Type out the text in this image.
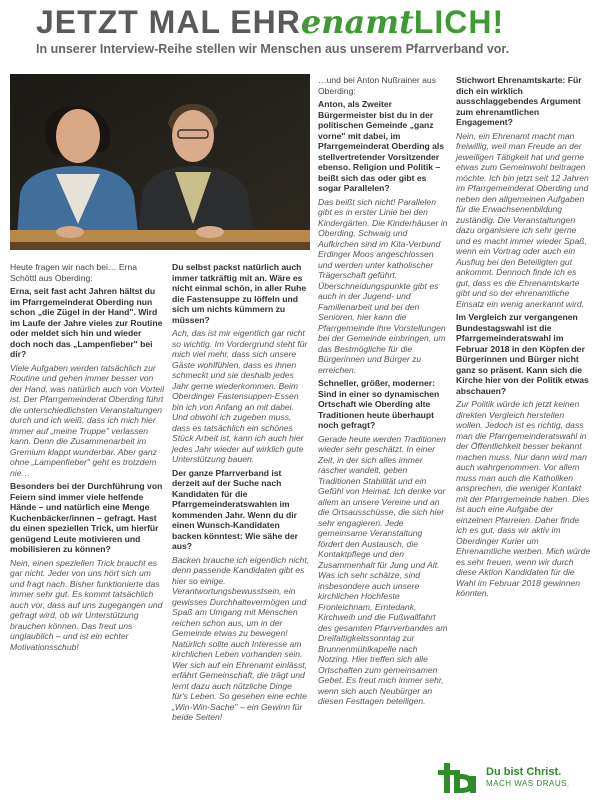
JETZT MAL EHRenamtLICH!
In unserer Interview-Reihe stellen wir Menschen aus unserem Pfarrverband vor.

Heute fragen wir nach bei… Erna Schöttl aus Oberding:

Erna, seit fast acht Jahren hältst du im Pfarrgemeinderat Oberding nun schon „die Zügel in der Hand". Wird im Laufe der Jahre vieles zur Routine oder meldet sich hin und wieder doch noch das „Lampenfieber" bei dir?

Viele Aufgaben werden tatsächlich zur Routine und gehen immer besser von der Hand, was natürlich auch von Vorteil ist. Der Pfarrgemeinderat Oberding führt die unterschiedlichsten Veranstaltungen durch und ich weiß, dass ich mich hier immer auf „meine Truppe" verlassen kann. Denn die Zusammenarbeit im Gremium klappt wunderbar. Aber ganz ohne „Lampenfieber" geht es trotzdem nie…

Besonders bei der Durchführung von Feiern sind immer viele helfende Hände – und natürlich eine Menge Kuchenbäcker/innen – gefragt. Hast du einen speziellen Trick, um hierfür genügend Leute motivieren und mobilisieren zu können?

Nein, einen speziellen Trick braucht es gar nicht. Jeder von uns hört sich um und fragt nach. Bisher funktionierte das immer sehr gut. Es kommt tatsächlich auch vor, dass auf uns zugegangen und gefragt wird, ob wir Unterstützung brauchen können. Das freut uns unglaublich – und ist ein echter Motivationsschub!

Du selbst packst natürlich auch immer tatkräftig mit an. Wäre es nicht einmal schön, in aller Ruhe die Fastensuppe zu löffeln und sich um nichts kümmern zu müssen?

Ach, das ist mir eigentlich gar nicht so wichtig. Im Vordergrund steht für mich viel mehr, dass sich unsere Gäste wohlfühlen, dass es ihnen schmeckt und sie deshalb jedes Jahr gerne wiederkommen. Beim Oberdinger Fastensuppen-Essen bin ich von Anfang an mit dabei. Und obwohl ich zugeben muss, dass es tatsächlich ein schönes Stück Arbeit ist, kann ich auch hier jedes Jahr wieder auf wirklich gute Unterstützung bauen.

Der ganze Pfarrverband ist derzeit auf der Suche nach Kandidaten für die Pfarrgemeinderatswahlen im kommenden Jahr. Wenn du dir einen Wunsch-Kandidaten backen könntest: Wie sähe der aus?

Backen brauche ich eigentlich nicht, denn passende Kandidaten gibt es hier so einige. Verantwortungsbewusstsein, ein gewisses Durchhaltevermögen und Spaß am Umgang mit Menschen reichen schon aus, um in der Gemeinde etwas zu bewegen! Natürlich sollte auch Interesse am kirchlichen Leben vorhanden sein. Wer sich auf ein Ehrenamt einlässt, erfährt Gemeinschaft, die trägt und lernt dazu auch nützliche Dinge für's Leben. So gesehen eine echte „Win-Win-Sache" – ein Gewinn für beide Seiten!

…und bei Anton Nußrainer aus Oberding:

Anton, als Zweiter Bürgermeister bist du in der politischen Gemeinde „ganz vorne" mit dabei, im Pfarrgemeinderat Oberding als stellvertretender Vorsitzender ebenso. Religion und Politik – beißt sich das oder gibt es sogar Parallelen?

Das beißt sich nicht! Parallelen gibt es in erster Linie bei den Kindergärten. Die Kinderhäuser in Oberding, Schwaig und Aufkirchen sind im Kita-Verbund Erdinger Moos angeschlossen und werden unter katholischer Trägerschaft geführt. Überschneidungspunkte gibt es auch in der Jugend- und Familienarbeit und bei den Senioren, hier kann die Pfarrgemeinde ihre Vorstellungen bei der Gemeinde einbringen, um das Bestmögliche für die Bürgerinnen und Bürger zu erreichen.

Schneller, größer, moderner: Sind in einer so dynamischen Ortschaft wie Oberding alte Traditionen heute überhaupt noch gefragt?

Gerade heute werden Traditionen wieder sehr geschätzt. In einer Zeit, in der sich alles immer rascher wandelt, geben Traditionen Stabilität und ein Gefühl von Heimat. Ich denke vor allem an unsere Vereine und an die Ortsausschüsse, die sich hier sehr engagieren. Jede gemeinsame Veranstaltung fördert den Austausch, die Kontaktpflege und den Zusammenhalt für Jung und Alt. Was ich sehr schätze, sind insbesondere auch unsere kirchlichen Hochfeste Fronleichnam, Erntedank, Kirchweih und die Fußwallfahrt des gesamten Pfarrverbandes am Dreifaltigkeitssonntag zur Brunnenmühlkapelle nach Notzing. Hier treffen sich alle Ortschaften zum gemeinsamen Gebet. Es freut mich immer sehr, wenn sich auch Neubürger an diesen Festtagen beteiligen.

Stichwort Ehrenamtskarte: Für dich ein wirklich ausschlaggebendes Argument zum ehrenamtlichen Engagement?

Nein, ein Ehrenamt macht man freiwillig, weil man Freude an der jeweiligen Tätigkeit hat und gerne etwas zum Gemeinwohl beitragen möchte. Ich bin jetzt seit 12 Jahren im Pfarrgemeinderat Oberding und neben den allgemeinen Aufgaben für die Erwachsenenbildung zuständig. Die Veranstaltungen dazu organisiere ich sehr gerne und es macht immer wieder Spaß, wenn ein Vortrag oder auch ein Ausflug bei den Beteiligten gut ankommt. Dennoch finde ich es gut, dass es die Ehrenamtskarte gibt und so der ehrenamtliche Einsatz ein wenig anerkannt wird.

Im Vergleich zur vergangenen Bundestagswahl ist die Pfarrgemeinderatswahl im Februar 2018 in den Köpfen der Bürgerinnen und Bürger nicht ganz so präsent. Kann sich die Kirche hier von der Politik etwas abschauen?

Zur Politik würde ich jetzt keinen direkten Vergleich herstellen wollen. Jedoch ist es richtig, dass man die Pfarrgemeinderatswahl in der Öffentlichkeit besser bekannt machen muss. Nur dann wird man auch wahrgenommen. Vor allem muss man auch die Katholiken ansprechen, die weniger Kontakt mit der Pfarrgemeinde haben. Dies ist auch eine Aufgabe der einzelnen Pfarreien. Daher finde ich es gut, dass wir aktiv im Oberdinger Kurier um Ehrenamtliche werben. Mich würde es sehr freuen, wenn wir durch diese Aktion Kandidaten für die Wahl im Februar 2018 gewinnen könnten.

Du bist Christ.
MACH WAS DRAUS.
